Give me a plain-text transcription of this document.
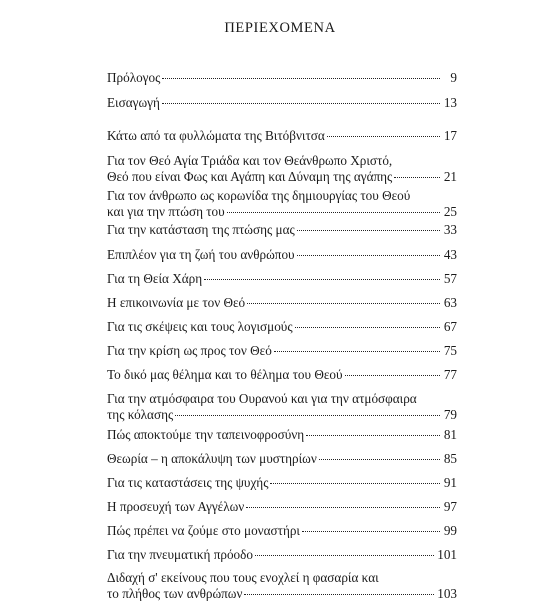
ΠΕΡΙΕΧΟΜΕΝΑ
Πρόλογος	9
Εισαγωγή	13
Κάτω από τα φυλλώματα της Βιτόβνιτσα	17
Για τον Θεό Αγία Τριάδα και τον Θεάνθρωπο Χριστό,
Θεό που είναι Φως και Αγάπη και Δύναμη της αγάπης	21
Για τον άνθρωπο ως κορωνίδα της δημιουργίας του Θεού
και για την πτώση του	25
Για την κατάσταση της πτώσης μας	33
Επιπλέον για τη ζωή του ανθρώπου	43
Για τη Θεία Χάρη	57
Η επικοινωνία με τον Θεό	63
Για τις σκέψεις και τους λογισμούς	67
Για την κρίση ως προς τον Θεό	75
Το δικό μας θέλημα και το θέλημα του Θεού	77
Για την ατμόσφαιρα του Ουρανού και για την ατμόσφαιρα
της κόλασης	79
Πώς αποκτούμε την ταπεινοφροσύνη	81
Θεωρία – η αποκάλυψη των μυστηρίων	85
Για τις καταστάσεις της ψυχής	91
Η προσευχή των Αγγέλων	97
Πώς πρέπει να ζούμε στο μοναστήρι	99
Για την πνευματική πρόοδο	101
Διδαχή σ' εκείνους που τους ενοχλεί η φασαρία και
το πλήθος των ανθρώπων	103
